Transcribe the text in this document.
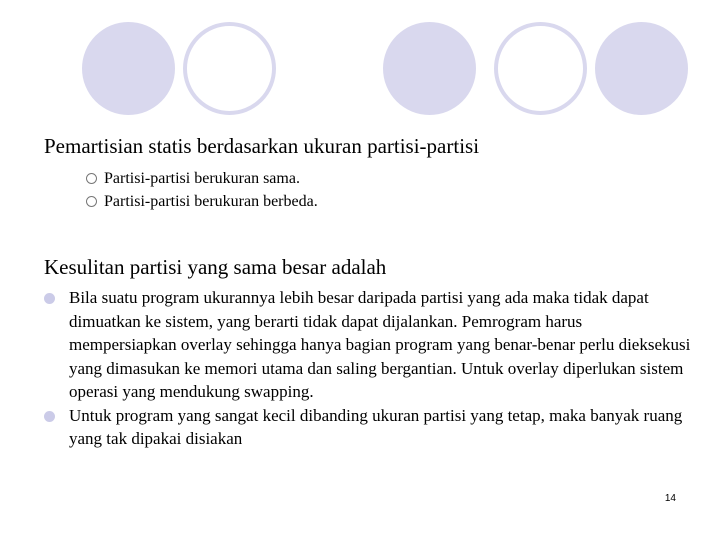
Pemartisian statis berdasarkan ukuran partisi-partisi
Partisi-partisi berukuran sama.
Partisi-partisi berukuran berbeda.
Kesulitan partisi yang sama besar adalah
Bila suatu program ukurannya lebih besar daripada partisi yang ada maka tidak dapat dimuatkan ke sistem, yang berarti tidak dapat dijalankan. Pemrogram harus mempersiapkan overlay sehingga hanya bagian program yang benar-benar perlu dieksekusi yang dimasukan ke memori utama dan saling bergantian. Untuk overlay diperlukan sistem operasi yang mendukung swapping.
Untuk program yang sangat kecil dibanding ukuran partisi yang tetap, maka banyak ruang yang tak dipakai disiakan
14
